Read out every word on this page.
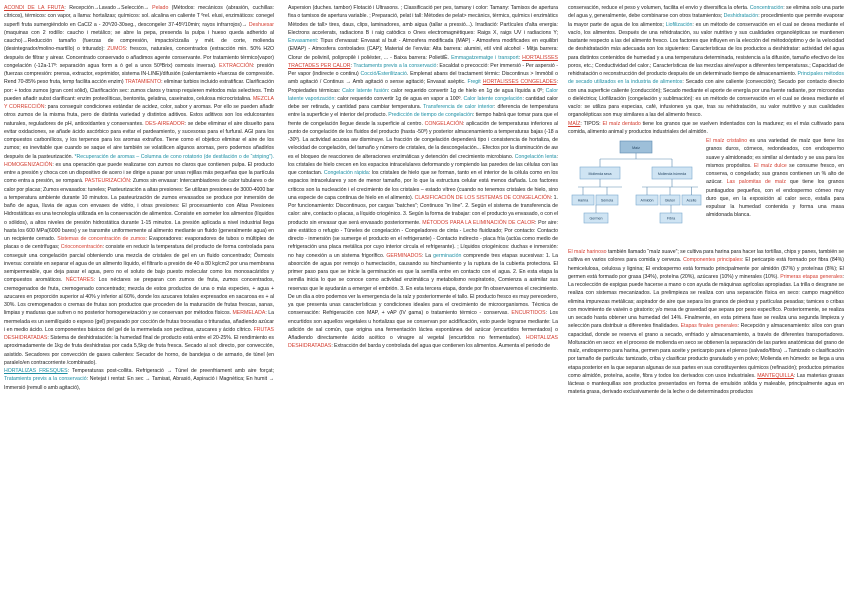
ACONDI DE LA FRUTA: Recepción→Lavado→Selección→ Pelado (Métodos: mecánicos (abrasión, cuchillas: cítricos), térmicos: con vapor, a llama: hortalizas; químicos: sol. alcalina en caliente T ºrel. elusi, enzimáticos: conegel superfi fruta sumergiéndolo en CaCl2 a - 20º/20-30seg., descongeler 37-45º/10min; rayos infrarrojos)→ Deshuesar (maquinas con 2 rodillo: caucho i metálico; se abre la pepa, presenda la pulpa i hueso queda adherido al caucho)→Reducción tamaño (fuerzas de compresión, impacto/cizalla y mét. de corte, molienda (desintegrador/molino-martillo) o triturado): ZUMOS: frescos, naturales, concentrados (extracción min. 50% H2O después de filtrar y airear. Concentrado conservado o añadimos agente conservante. Por tratamiento térmico(vapor) congelación (-12a-17º: separación agua form a ó gel a unos 50ºBrix) osmosis inversa). EXTRACCIÓN: presión (fuerzas compresión: prensa, extractor, exprimidor, sistema IN-LINE)/difusión (calentamiento +fuerzas de compresión. Rend 70-85% peso fruta, temp facilita acción enzim) TRATAMIENTO: eliminar turbios incluido estratificar. Clarificación por: + todos zumos (gran cont sólid), Clarificación sec: zumos claros y transp requieren métodos más selectivos. Tmb pueden añadir subst clarificant: enzim proteolíticas, bentonita, gelatina, caseinatos, celulosa microcristalina. MEZCLA Y CORRECCIÓN: para conseguir condiciones estándar de acidez, color, sabor y aromas. Por ello se pueden añadir otros zumos de la misma fruta, pero de distinta variedad y distintos aditivos. Estos aditivos son los edulcorantes naturales, reguladores de pH, antioxidantes y conservantes. DES-AIREADOR: se debe eliminar el aire disuelto para evitar oxidaciones, se añade ácido ascórbico para evitar el pardeamiento, y sucesoras para el furfural. AGI para los compuestos carbonílicos, y los terpenos para los aromas extraños. Tiene como el objetico eliminar el aire de los zumos; es inevitable que cuando se saque el aire también se volatilicen algunos aromas, pero podemos añadirlos después de la pasteurización. *Recuperación de aromas – Columna de cono rotatorio (de destilación o de “striping”). HOMOGENIZACIÓN: es una operación que puede realizarse con zumos no claros que contienen pulpa. El producto entre a presión y choca con un dispositivo de acero i se dirige a pasar por unas rejillas más pequeñas que la partícula como entra a presión, se rompará. PASTEURIZACIÓN: Zumos sin envasar: Intercambiadores de calor tubulares o de calor por placas; Zumos envasados: tuneles; Pasteurización a altas presiones: Se utilizan presiones de 3000-4000 bar a temperatura ambiente durante 10 minutos. La pasteurización de zumos envasados se produce por inmersión de baño de agua, lluvia de agua con envases de vidrio, i otras presiones: El procesamiento con Altas Presiones Hidrostáticas es una tecnología utilizada en la conservación de alimentos. Consiste en someter los alimentos (líquidos o sólidos), a altos niveles de presión hidrostática durante 1-15 minutos. La presión aplicada a nivel industrial llega hasta los 600 MPa(6000 bares) y se transmite uniformemente al alimento mediante un fluido (generalmente agua) en un recipiente cerrado. Sistemas de concentración de zumos: Evaporadores: evaporadores de tubos o múltiples de placas o de centrífugas; Crioconcentración: consiste en reducir la temperatura del producto de forma controlada para conseguir una congelación parcial obteniendo una mezcla de cristales de gel en un fluido concentrado; Ósmosis inversa: consiste en separar el agua de un alimento líquido, el filtrarlo a presión de 40 a 80 kg/cm2 por una membrana semipermeable, que deja pasar el agua, pero no el soluto de bajo puesto molecular como los monosacáridos y compuestos aromáticos. NÉCTARES: Los néctares se preparan con zumos de fruta, zumos concentrados, cremogenados de fruta, cremogenado concentrado; mezcla de estos productos de una o más especies, + agua + azucares en proporción superior al 40% y inferior al 60%, donde los azucares totales expresados en sacarosa es + al 30%. Los cremogenados o cremas de frutas son productos que proceden de la maturación de frutas frescas, sanas, limpias y maduras que sufren o no posterior homogeneización y se conservan por métodos físicos. MERMELADA: La mermelada es un semilíquido o espeso (gel) preparado por cocción de frutas troceadas o trituradas, añadiendo azúcar i en medio ácido. Los componentes básicos del gel de la mermelada son pectinas, azucares y ácido cítrico. FRUTAS DESHIDRATADAS: Sistema de deshidratación: la humedad final de producto está entre el 20-25%. El rendimiento es aproximadamente de 1kg de fruta deshidratas por cada 5,5kg de fruta fresca. Secado al sol: directo, por convección, asistido. Secadores por convección de gases calientes: Secador de horno, de bandejas o de armario, de túnel (en paralelo/en contracorriente /combinado).

HORTALIZAS FRESQUES: Temperaturas post-collita. Refrigeració → Túnel de preenfriament amb aire forçat; Tratamients previs a la conservació: Netejat i rentat: En sec → Tamisat, Abrasió, Aspiració i Magnètica; En humit → Immersió (remull o amb agitació),

Aspersion (duches. tambor) Flotació i Ultrasons. ; Classificació per pes, tamany i color: Tamany: Tamisos de apertura fixa o tamisos de apertura variable. ; Preparació, pelat i tall: Mètodes de pelat> mecànics, tèrmics, químics i enzimàtics Mètodes de tall> tires, daus, clips, laminadores, amb aigua (tallar a pressió...). Irradiació: Partícules d'alta energia: Electrons accelerats, radiacions B i raig catòdics o Ones electromagnètiques: Raigs X, raigs UV i radiacions Y; Envasament: Tipus d'envasat: Envasat al buit - Atmosfera modificada (MAP) - Atmosfera modificades en equilibri (EMAP) - Atmosfera controlades (CAP); Material de l'envàs: Alta barrera: alumini, etil vinil alcohol - Mitja barrera: Clorur de polivinil, polipropilè i poliéster, ... - Baixa barrera: PolietilÈ. Emmagatzematge i transport: HORTALISSES TRACTADES PER CALOR: Tractaments previs a la conservació: Escaldat o precocció: Per immersió - Per aspersió - Per vapor (indirecte o continu) Cocció/Esterilització. Emplenat abans del tractament tèrmic: Discontinus > Immòbil o amb agitació / Continus → Amb agitació o sense agitació; Envasat asèptic. Fregit HORTALISSES CONGELADES: Propiedades térmicas: Calor latente fusión: calor requerido convertir 1g de hielo en 1g de agua líquida a 0º; Calor latente vaporización: calor requerido convertir 1g de agua en vapor a 100º. Calor latente congelación: cantidad calor debe ser retirada, y cantidad para cambiar temperatura. Transferencia de calor interior: diferencia de temperatura entre la superficie y el interior del producto. Predicción de tiempo de congelación: tiempo habrá que tomar para que el frente de congelación llegue desde la superficie al centro. CONGELACIÓN: aplicación de temperaturas inferiores al punto de congelación de los fluidos del producto (hasta -50º) y posterior almacenamiento a temperaturas bajas (-18 a -30º). La actividad acuosa aw disminuye. La fracción de congelación dependerá tipo i consistencia de hortaliza, de velocidad de congelación, del tamaño y número de cristales, de la descongelación... Efectos por la disminución de aw es el bloqueo de reacciones de alteraciones enzimáticas y detención del crecimiento microbiano. Congelación lenta: los cristales de hielo crecen en los espacios intracelulares deformando y rompiendo las paredes de las células con las que contactan. Congelación rápida: los cristales de hielo que se forman, tanto en el interior de la célula como en los espacios intracelulares y son de menor tamaño, por lo que la estructura celular está menos dañada. Los factores críticos son la nucleación i el crecimiento de los cristales – estado vítreo (cuando no tenemos cristales de hielo, sino una especie de capa continua de hielo en el alimento). CLASIFICACIÓN DE LOS SISTEMAS DE CONGELACIÓN: 1. Por funcionamiento: Discontinuos, por cargas “batches”; Continuos “in line”. 2. Según el sistema de transferencia de calor: aire, contacto o placas, a líquido criogénico. 3. Según la forma de trabajar: con el producto ya envasado, o con el producto sin envasar que será envasado posteriormente. MÉTODOS PARA LA ELIMINACIÓN DE CALOR: Por aire: aire estático o refugio - Túneles de congelación - Congeladores de cinta - Lecho fluidizado; Por contacto: Contacto directo - inmersión (se sumerge el producto en el refrigerante) - Contacto indirecto - placa fría (actúa como medio de refrigeración una placa metálica por cuyo interior circula el refrigerante). ; Líquidos criogénicos: duchas e inmersión: no hay conexión a un sistema frigorífico. GERMINADOS: La germinación comprende tres etapas sucesivas: 1. La absorción de agua por remojo o humectación, causando su hinchamiento y la ruptura de la cubierta protectora. El primer paso para que se inicie la germinación es que la semilla entre en contacto con el agua. 2. En esta etapa la semilla inicia lo que se conoce como actividad enzimática y metabolismo respiratorio, Comienza a asimilar sus reservas que le ayudarán a emerger el embrión. 3. En esta tercera etapa, donde por fin observaremos el crecimiento. De un día a otro podemos ver la emergencia de la raíz y posteriormente el tallo. El producto fresco es muy perecedero, ya que presenta unas características y condiciones ideales para el crecimiento de microorganismos. Técnica de conservación: Refrigeración con MAP, + vAP (IV gama) o tratamiento térmico - conservas. ENCURTIDOS: Los encurtidos son aquellos vegetales u hortalizas que se conservan por acidificación, esto puede lograrse mediante: La adición de sal común, que origina una fermentación láctea espontánea del azúcar (encurtidos fermentados) o Añadiendo directamente ácido acético o vinagre al vegetal (encurtidos no fermentados). HORTALIZAS DESHIDRATADAS: Extracción del barda y controlada del agua que contienen los alimentos. Aumenta el periodo de

conservación, reduce el peso y volumen, facilita el envío y diversifica la oferta. Concentración: se elimina solo una parte del agua y, generalmente, debe combinarse con otros tratamientos; Deshidratación: procedimiento que permite evaporar la mayor parte de agua de los alimentos; Liofilización: es un método de conservación en el cual se desea mediante el vacío, los alimentos. Después de una rehidratación, su valor nutritivo y sus cualidades organolépticas se mantienen bastante respecto a las del alimento fresco. Los factores que influyen en la elección del métodoóptimo y de la velocidad de deshidratación más adecuada son los siguientes: Características de los productos a deshidratar: actividad del agua para distintos contenidos de humedad y a una temperatura determinada, resistencia a la difusión, tamaño efectivo de los poros, etc.; Conductividad del calor.; Características de las mezclas aire/vapor a diferentes temperaturas.; Capacidad de rehidratación o reconstrucción del producto después de un determinado tiempo de almacenamiento. Principales métodos de secado utilizados en la industria de alimentos: Secado con aire caliente (convección); Secado por contacto directo con una superficie caliente (conducción); Secado mediante el aporte de energía por una fuente radiante, por microondas o dieléctrica; Liofilización (congelación y sublimación): es un método de conservación en el cual se desea mediante el vacío: se utiliza para especias, café, infusiones ya que, tras su rehidratación, su valor nutritivo y sus cualidades organolépticas son muy similares a las del alimento fresco.

MAÍZ: TIPOS: El maíz dentado tiene los granos que se vuelven indentados con la madurez; es el más cultivado para comida, alimento animal y productos industriales del almidón.

Maíz
Molienda seca	Molienda húmeda
Harina	Sémola
Germen
Almidón	Gluten	Aceite
Fibra
El maíz cristalino es una variedad de maíz que tiene los granos duros, córneos, redondeados, con endospermo suave y almidonado; es similar al dentado y se usa para los mismos propósitos. El maíz dulce se consume fresco, en conserva, o congelado; sus granos contienen un % alto de azúcar. Las palomitas de maíz que tiene los granos puntiagudos pequeños, con el endospermo córneo muy duro que, en la exposición al calor seco, estalla para expulsar la humedad contenida y forma una masa almidonada blanca.

El maíz harinoso también llamado “maíz suave”; se cultiva para harina para hacer las tortillas, chips y panes, también se cultiva en varios colores para comida y cerveza. Componentes principales: El pericarpio está formado por fibra (84%) hemicelulosa, celulosa y lignina; El endospermo está formado principalmente por almidón (87%) y proteínas (8%); El germen está formado por grasa (34%), proteína (20%), azúcares (10%) y minerales (10%). Primeras etapas generales: La recolección de espigas puede hacerse a mano o con ayuda de máquinas agrícolas apropiadas. La trilla o desgrane se realiza con sistemas mecanizados. La prelimpieza se realiza con una separación física en seco: campo magnético elimina impurezas metálicas; aspirador de aire que separa los granos de piedras y partículas pesadas; tamices o cribas con movimiento de vaivén o giratorio; y/o mesa de gravedad que separa por peso específico. Posteriormente, se realiza un secado hasta obtener una humedad del 14%. Finalmente, en esta primera fase se realiza una segunda limpieza y selección para distribuir a diferentes finalidades. Etapas finales generales: Recepción y almacenamiento: silos con gran capacidad, donde se reserva el grano a secado, enfriado y almacenamiento, a través de diferentes transportadores. Molturación en seco: en el proceso de molienda en seco se obtienen la separación de las partes anatómicas del grano de maíz, endospermo para harina, germen para aceite y pericarpio para el pienso (salvado/fibra) →Tamizado o clasificación por tamaño de partícula: tamizado, criba y clasificar producto granulado y en polvo; Molienda en húmedo: se llega a una etapa posterior en la que separan algunas de sus partes en sus constituyentes químicos (refinación); productos primarios como almidón, proteína, aceite, fibra y todos los derivados con usos industriales. MANTEQUILLA: Las materias grasas lácteas o mantequillas son productos presentados en forma de emulsión sólida y maleable, principalmente agua en materia grasa, derivado exclusivamente de la leche o de determinados productos
